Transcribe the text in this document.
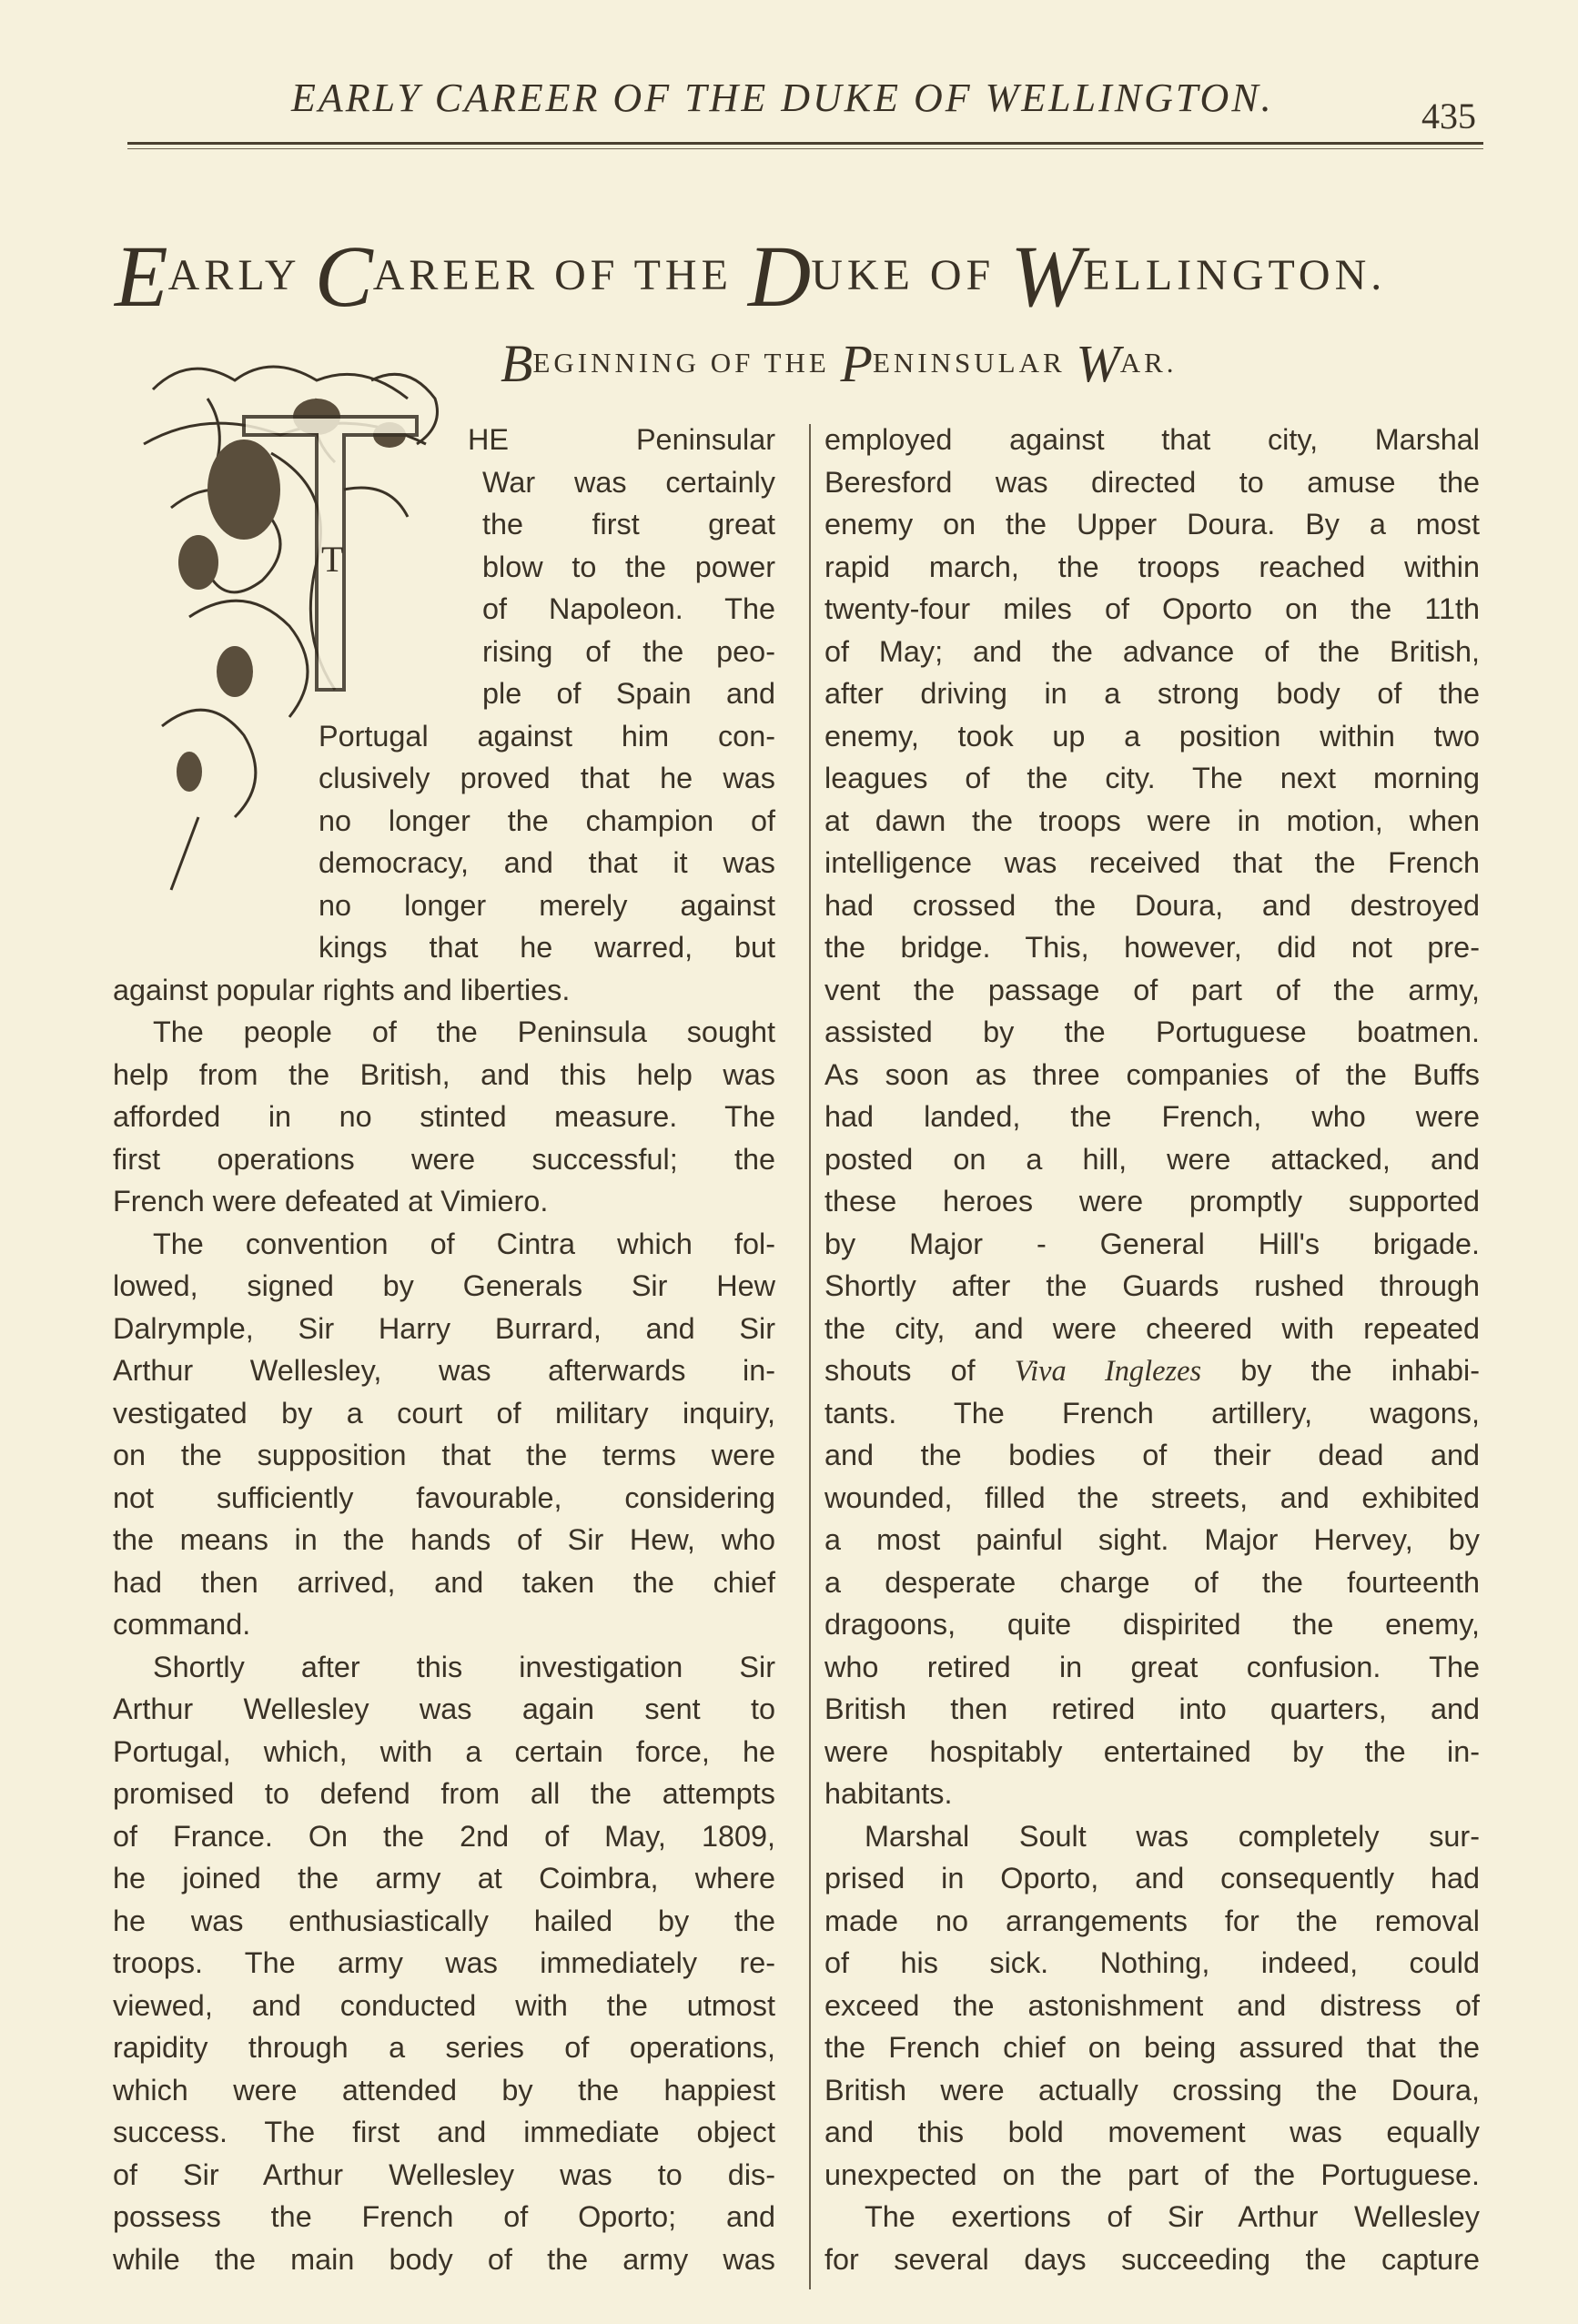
EARLY CAREER OF THE DUKE OF WELLINGTON.	435
EARLY CAREER OF THE DUKE OF WELLINGTON.
BEGINNING OF THE PENINSULAR WAR.
T
HE Peninsular
War was certainly
the first great
blow to the power
of Napoleon. The
rising of the peo-
ple of Spain and
Portugal against him con-
clusively proved that he was
no longer the champion of
democracy, and that it was
no longer merely against
kings that he warred, but
against popular rights and liberties.
The people of the Peninsula sought
help from the British, and this help was
afforded in no stinted measure. The
first operations were successful; the
French were defeated at Vimiero.
The convention of Cintra which fol-
lowed, signed by Generals Sir Hew
Dalrymple, Sir Harry Burrard, and Sir
Arthur Wellesley, was afterwards in-
vestigated by a court of military inquiry,
on the supposition that the terms were
not sufficiently favourable, considering
the means in the hands of Sir Hew, who
had then arrived, and taken the chief
command.
Shortly after this investigation Sir
Arthur Wellesley was again sent to
Portugal, which, with a certain force, he
promised to defend from all the attempts
of France. On the 2nd of May, 1809,
he joined the army at Coimbra, where
he was enthusiastically hailed by the
troops. The army was immediately re-
viewed, and conducted with the utmost
rapidity through a series of operations,
which were attended by the happiest
success. The first and immediate object
of Sir Arthur Wellesley was to dis-
possess the French of Oporto; and
while the main body of the army was
employed against that city, Marshal
Beresford was directed to amuse the
enemy on the Upper Doura. By a most
rapid march, the troops reached within
twenty-four miles of Oporto on the 11th
of May; and the advance of the British,
after driving in a strong body of the
enemy, took up a position within two
leagues of the city. The next morning
at dawn the troops were in motion, when
intelligence was received that the French
had crossed the Doura, and destroyed
the bridge. This, however, did not pre-
vent the passage of part of the army,
assisted by the Portuguese boatmen.
As soon as three companies of the Buffs
had landed, the French, who were
posted on a hill, were attacked, and
these heroes were promptly supported
by Major - General Hill's brigade.
Shortly after the Guards rushed through
the city, and were cheered with repeated
shouts of Viva Inglezes by the inhabi-
tants. The French artillery, wagons,
and the bodies of their dead and
wounded, filled the streets, and exhibited
a most painful sight. Major Hervey, by
a desperate charge of the fourteenth
dragoons, quite dispirited the enemy,
who retired in great confusion. The
British then retired into quarters, and
were hospitably entertained by the in-
habitants.
Marshal Soult was completely sur-
prised in Oporto, and consequently had
made no arrangements for the removal
of his sick. Nothing, indeed, could
exceed the astonishment and distress of
the French chief on being assured that the
British were actually crossing the Doura,
and this bold movement was equally
unexpected on the part of the Portuguese.
The exertions of Sir Arthur Wellesley
for several days succeeding the capture
